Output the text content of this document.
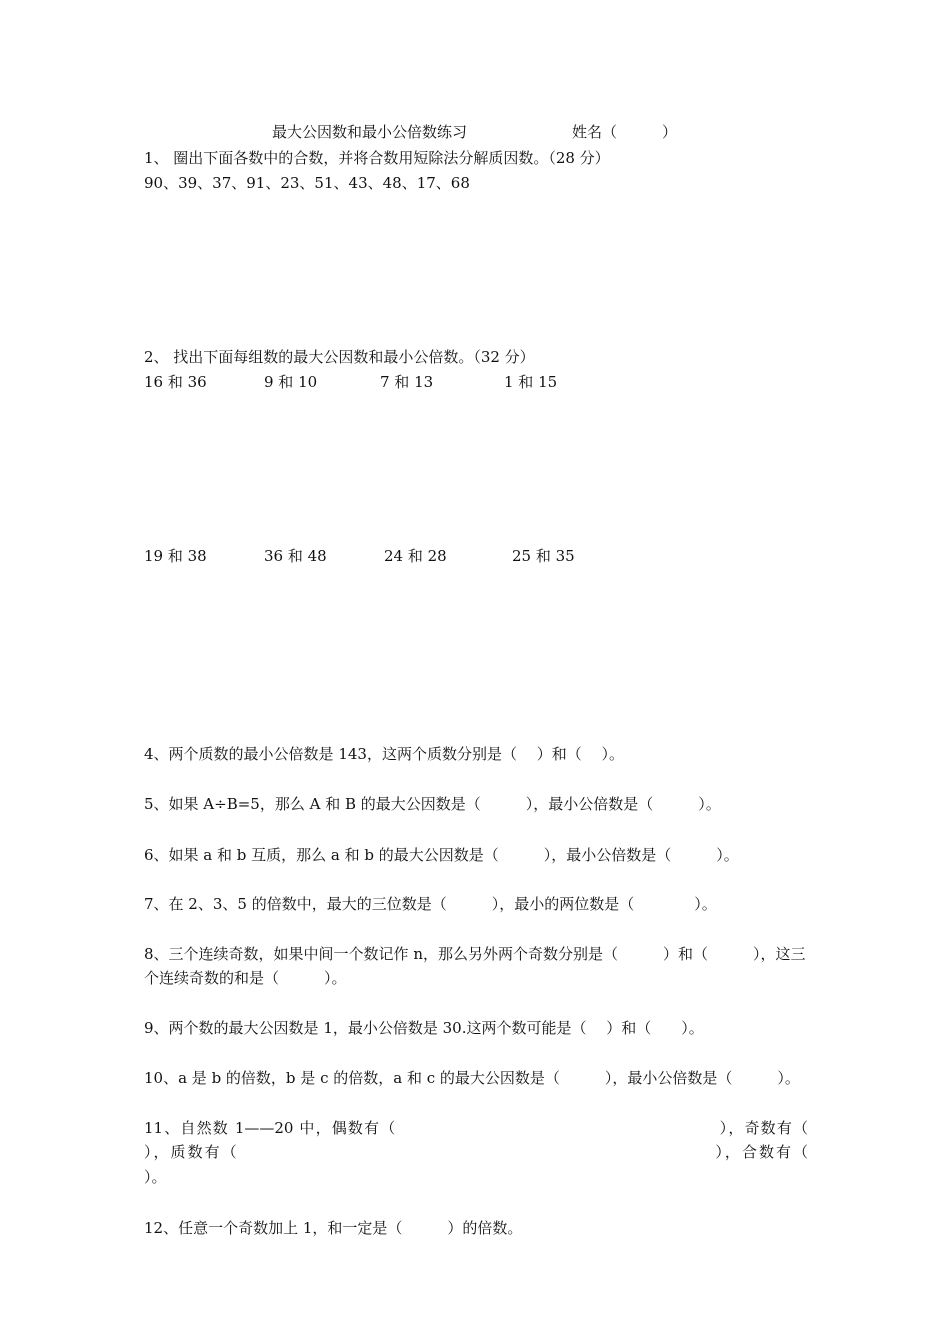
最大公因数和最小公倍数练习	姓名（　　　）
1、 圈出下面各数中的合数，并将合数用短除法分解质因数。（28 分）
90、39、37、91、23、51、43、48、17、68
2、 找出下面每组数的最大公因数和最小公倍数。（32 分）
16 和 36	9 和 10	7 和 13	1 和 15
19 和 38	36 和 48	24 和 28	25 和 35
4、两个质数的最小公倍数是 143，这两个质数分别是（　 ）和（　 ）。
5、如果 A÷B=5，那么 A 和 B 的最大公因数是（　　　），最小公倍数是（　　　）。
6、如果 a 和 b 互质，那么 a 和 b 的最大公因数是（　　　），最小公倍数是（　　　）。
7、在 2、3、5 的倍数中，最大的三位数是（　　　），最小的两位数是（　　　　）。
8、三个连续奇数，如果中间一个数记作 n，那么另外两个奇数分别是（　　　）和（　　　），这三
个连续奇数的和是（　　　）。
9、两个数的最大公因数是 1，最小公倍数是 30.这两个数可能是（　 ）和（　　）。
10、a 是 b 的倍数，b 是 c 的倍数，a 和 c 的最大公因数是（　　　），最小公倍数是（　　　）。
11、自然数 1——20 中，偶数有（　　　　　　　　　　　　　　　　　　　　），奇数有（
），质数有（　　　　　　　　　　　　　　　　　　　　　　　　　　　　），合数有（
）。
12、任意一个奇数加上 1，和一定是（　　　）的倍数。
